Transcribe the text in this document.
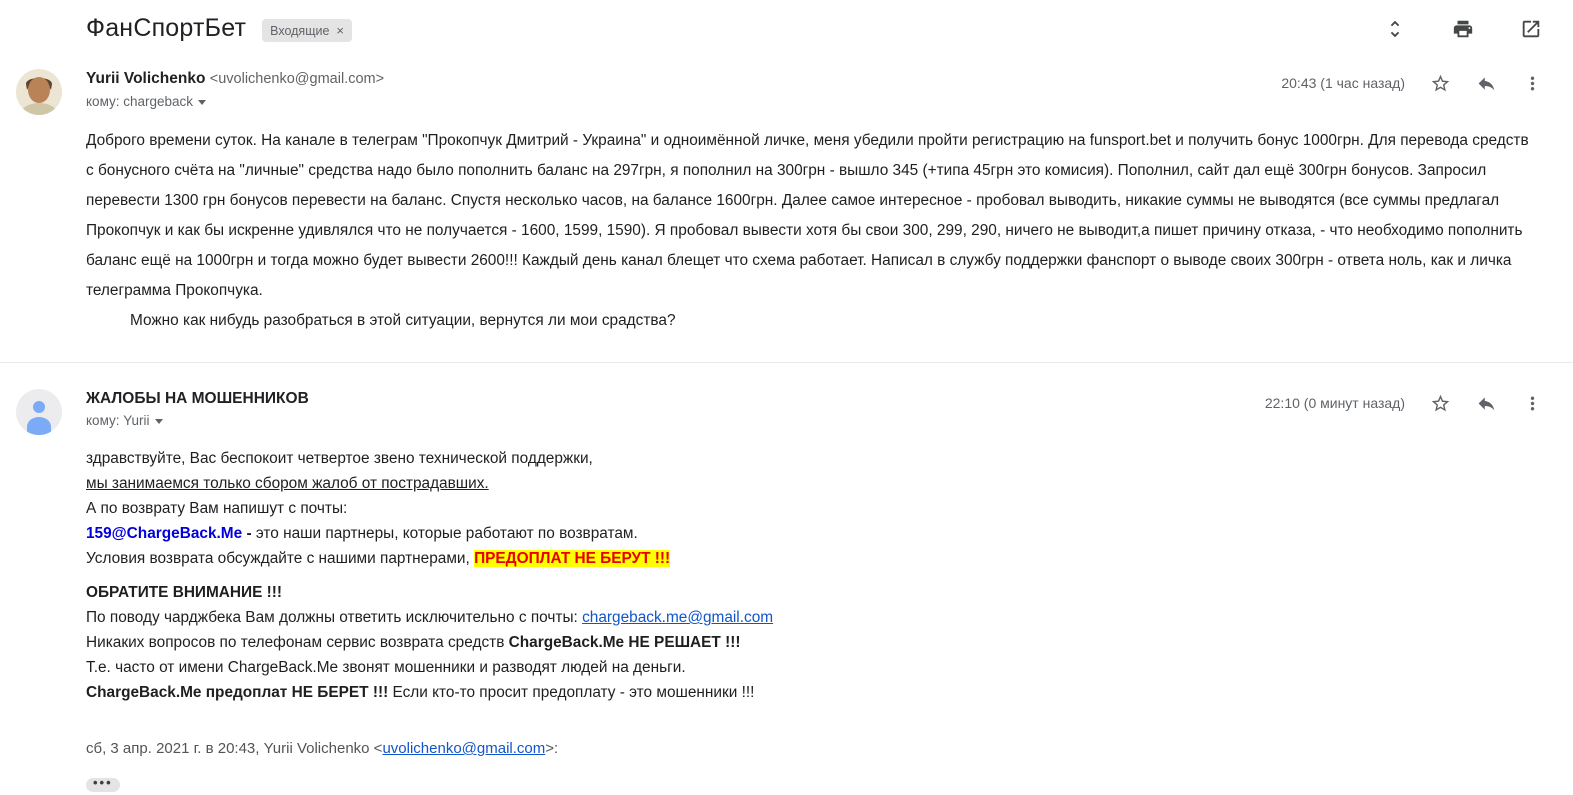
ФанСпортБет Входящие ×
Yurii Volichenko <uvolichenko@gmail.com>
кому: chargeback
20:43 (1 час назад)
Доброго времени суток. На канале в телеграм "Прокопчук Дмитрий - Украина" и одноимённой личке, меня убедили пройти регистрацию на funsport.bet и получить бонус 1000грн. Для перевода средств с бонусного счёта на "личные" средства надо было пополнить баланс на 297грн, я пополнил на 300грн - вышло 345 (+типа 45грн это комисия). Пополнил, сайт дал ещё 300грн бонусов. Запросил перевести 1300 грн бонусов перевести на баланс. Спустя несколько часов, на балансе 1600грн. Далее самое интересное - пробовал выводить, никакие суммы не выводятся (все суммы предлагал Прокопчук и как бы искренне удивлялся что не получается - 1600, 1599, 1590). Я пробовал вывести хотя бы свои 300, 299, 290, ничего не выводит,а пишет причину отказа, - что необходимо пополнить баланс ещё на 1000грн и тогда можно будет вывести 2600!!! Каждый день канал блещет что схема работает. Написал в службу поддержки фанспорт о выводе своих 300грн - ответа ноль, как и личка телеграмма Прокопчука.
Можно как нибудь разобраться в этой ситуации, вернутся ли мои срадства?
ЖАЛОБЫ НА МОШЕННИКОВ
кому: Yurii
22:10 (0 минут назад)
здравствуйте, Вас беспокоит четвертое звено технической поддержки,
мы занимаемся только сбором жалоб от пострадавших.
А по возврату Вам напишут с почты:
159@ChargeBack.Me - это наши партнеры, которые работают по возвратам.
Условия возврата обсуждайте с нашими партнерами, ПРЕДОПЛАТ НЕ БЕРУТ !!!
ОБРАТИТЕ ВНИМАНИЕ !!!
По поводу чарджбека Вам должны ответить исключительно с почты: chargeback.me@gmail.com
Никаких вопросов по телефонам сервис возврата средств ChargeBack.Me НЕ РЕШАЕТ !!!
Т.е. часто от имени ChargeBack.Me звонят мошенники и разводят людей на деньги.
ChargeBack.Me предоплат НЕ БЕРЕТ !!! Если кто-то просит предоплату - это мошенники !!!
сб, 3 апр. 2021 г. в 20:43, Yurii Volichenko <uvolichenko@gmail.com>:
•••
